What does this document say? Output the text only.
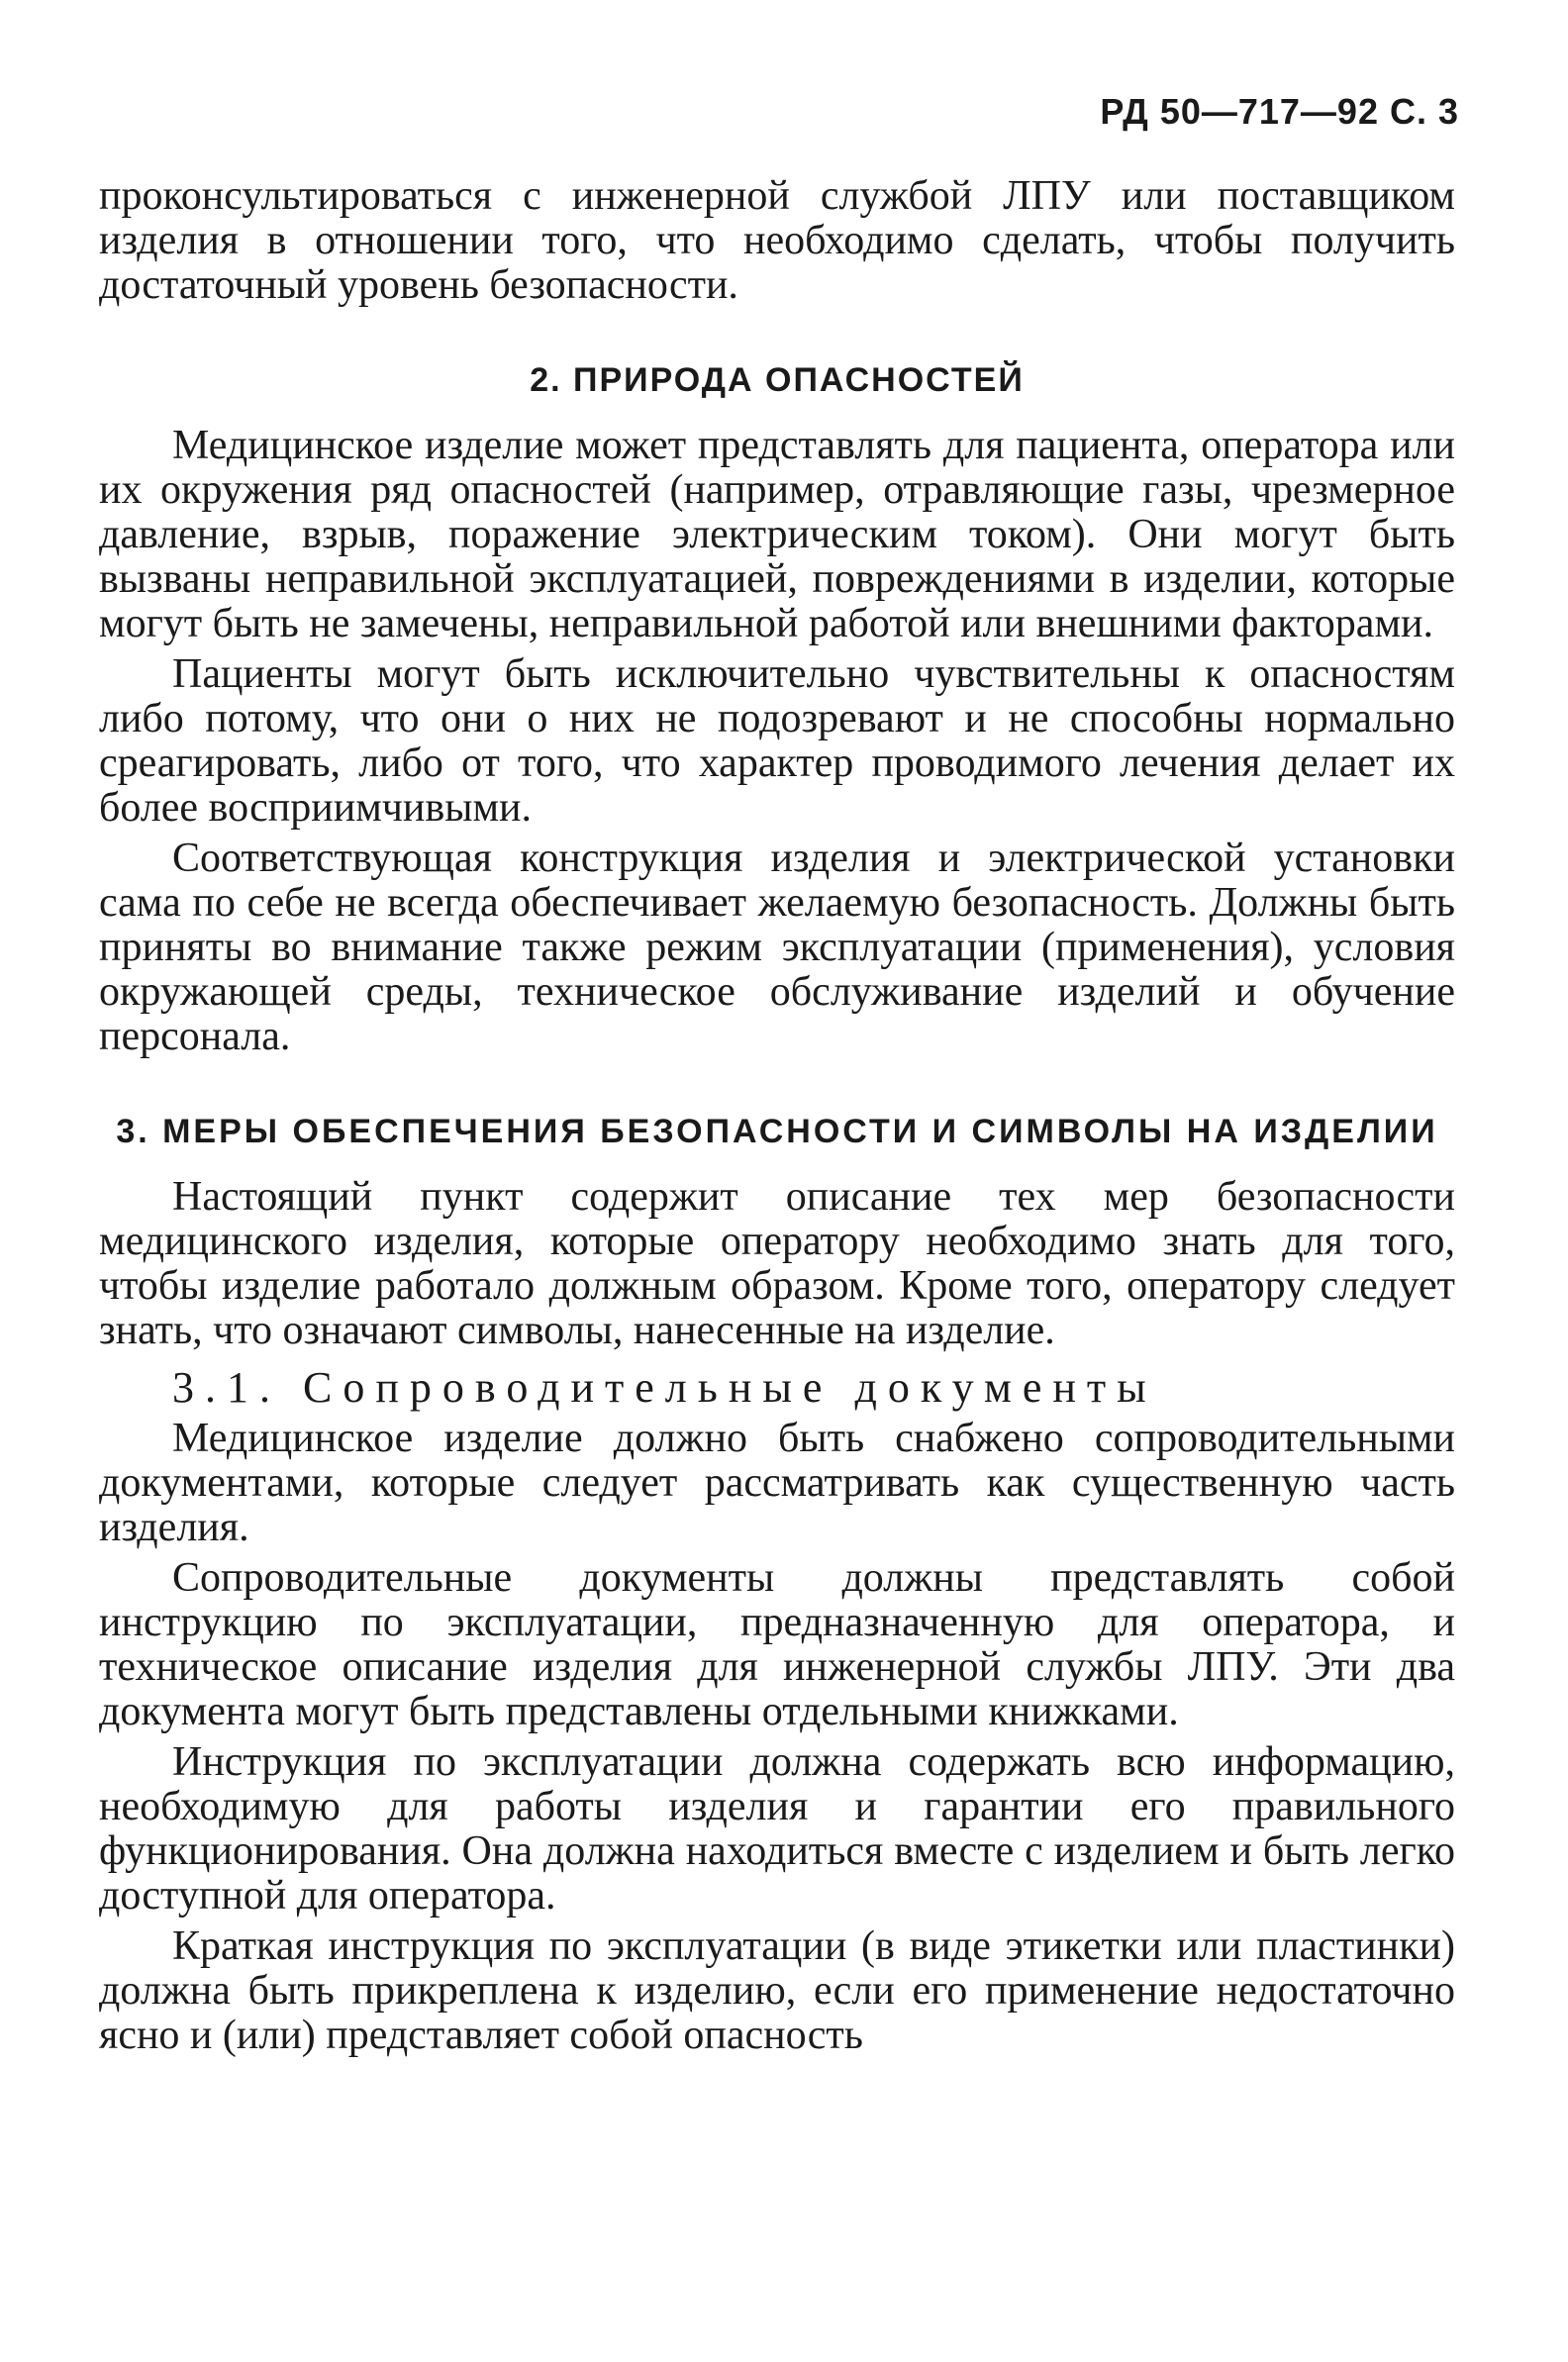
РД 50—717—92 С. 3

проконсультироваться с инженерной службой ЛПУ или поставщиком изделия в отношении того, что необходимо сделать, чтобы получить достаточный уровень безопасности.

2. ПРИРОДА ОПАСНОСТЕЙ

Медицинское изделие может представлять для пациента, оператора или их окружения ряд опасностей (например, отравляющие газы, чрезмерное давление, взрыв, поражение электрическим током). Они могут быть вызваны неправильной эксплуатацией, повреждениями в изделии, которые могут быть не замечены, неправильной работой или внешними факторами.

Пациенты могут быть исключительно чувствительны к опасностям либо потому, что они о них не подозревают и не способны нормально среагировать, либо от того, что характер проводимого лечения делает их более восприимчивыми.

Соответствующая конструкция изделия и электрической установки сама по себе не всегда обеспечивает желаемую безопасность. Должны быть приняты во внимание также режим эксплуатации (применения), условия окружающей среды, техническое обслуживание изделий и обучение персонала.

3. МЕРЫ ОБЕСПЕЧЕНИЯ БЕЗОПАСНОСТИ И СИМВОЛЫ НА ИЗДЕЛИИ

Настоящий пункт содержит описание тех мер безопасности медицинского изделия, которые оператору необходимо знать для того, чтобы изделие работало должным образом. Кроме того, оператору следует знать, что означают символы, нанесенные на изделие.

3.1. Сопроводительные документы

Медицинское изделие должно быть снабжено сопроводительными документами, которые следует рассматривать как существенную часть изделия.

Сопроводительные документы должны представлять собой инструкцию по эксплуатации, предназначенную для оператора, и техническое описание изделия для инженерной службы ЛПУ. Эти два документа могут быть представлены отдельными книжками.

Инструкция по эксплуатации должна содержать всю информацию, необходимую для работы изделия и гарантии его правильного функционирования. Она должна находиться вместе с изделием и быть легко доступной для оператора.

Краткая инструкция по эксплуатации (в виде этикетки или пластинки) должна быть прикреплена к изделию, если его применение недостаточно ясно и (или) представляет собой опасность
